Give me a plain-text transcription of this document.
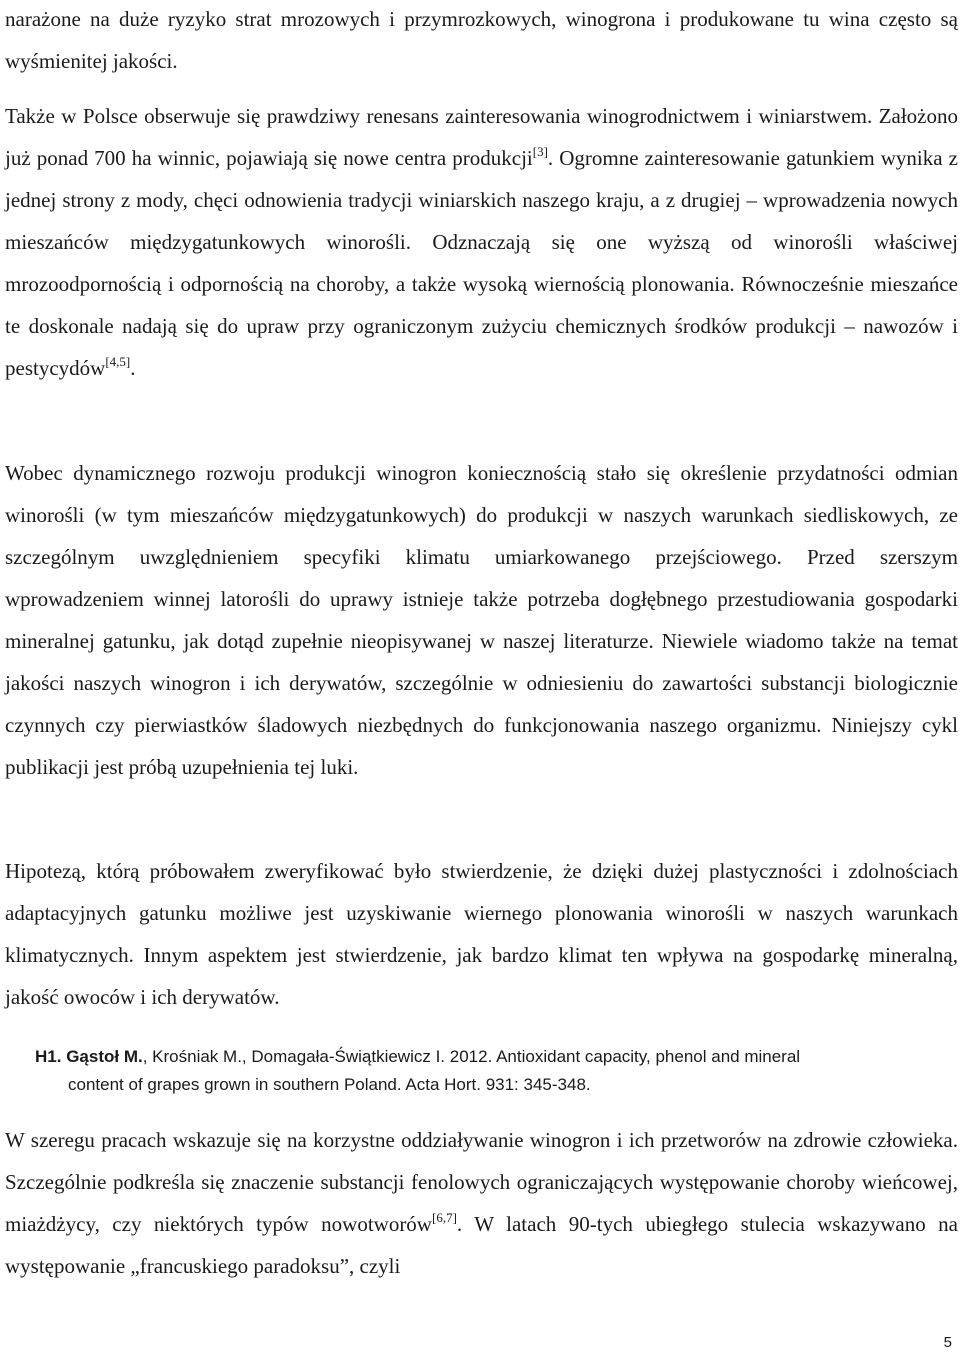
narażone na duże ryzyko strat mrozowych i przymrozkowych, winogrona i produkowane tu wina często są wyśmienitej jakości.

Także w Polsce obserwuje się prawdziwy renesans zainteresowania winogrodnictwem i winiarstwem. Założono już ponad 700 ha winnic, pojawiają się nowe centra produkcji[3]. Ogromne zainteresowanie gatunkiem wynika z jednej strony z mody, chęci odnowienia tradycji winiarskich naszego kraju, a z drugiej – wprowadzenia nowych mieszańców międzygatunkowych winorośli. Odznaczają się one wyższą od winorośli właściwej mrozoodpornością i odpornością na choroby, a także wysoką wiernością plonowania. Równocześnie mieszańce te doskonale nadają się do upraw przy ograniczonym zużyciu chemicznych środków produkcji – nawozów i pestycydów[4,5].

Wobec dynamicznego rozwoju produkcji winogron koniecznością stało się określenie przydatności odmian winorośli (w tym mieszańców międzygatunkowych) do produkcji w naszych warunkach siedliskowych, ze szczególnym uwzględnieniem specyfiki klimatu umiarkowanego przejściowego. Przed szerszym wprowadzeniem winnej latorośli do uprawy istnieje także potrzeba dogłębnego przestudiowania gospodarki mineralnej gatunku, jak dotąd zupełnie nieopisywanej w naszej literaturze. Niewiele wiadomo także na temat jakości naszych winogron i ich derywatów, szczególnie w odniesieniu do zawartości substancji biologicznie czynnych czy pierwiastków śladowych niezbędnych do funkcjonowania naszego organizmu. Niniejszy cykl publikacji jest próbą uzupełnienia tej luki.

Hipotezą, którą próbowałem zweryfikować było stwierdzenie, że dzięki dużej plastyczności i zdolnościach adaptacyjnych gatunku możliwe jest uzyskiwanie wiernego plonowania winorośli w naszych warunkach klimatycznych. Innym aspektem jest stwierdzenie, jak bardzo klimat ten wpływa na gospodarkę mineralną, jakość owoców i ich derywatów.

H1. Gąstoł M., Krośniak M., Domagała-Świątkiewicz I. 2012. Antioxidant capacity, phenol and mineral
content of grapes grown in southern Poland. Acta Hort. 931: 345-348.

W szeregu pracach wskazuje się na korzystne oddziaływanie winogron i ich przetworów na zdrowie człowieka. Szczególnie podkreśla się znaczenie substancji fenolowych ograniczających występowanie choroby wieńcowej, miażdżycy, czy niektórych typów nowotworów[6,7]. W latach 90-tych ubiegłego stulecia wskazywano na występowanie „francuskiego paradoksu”, czyli

5
